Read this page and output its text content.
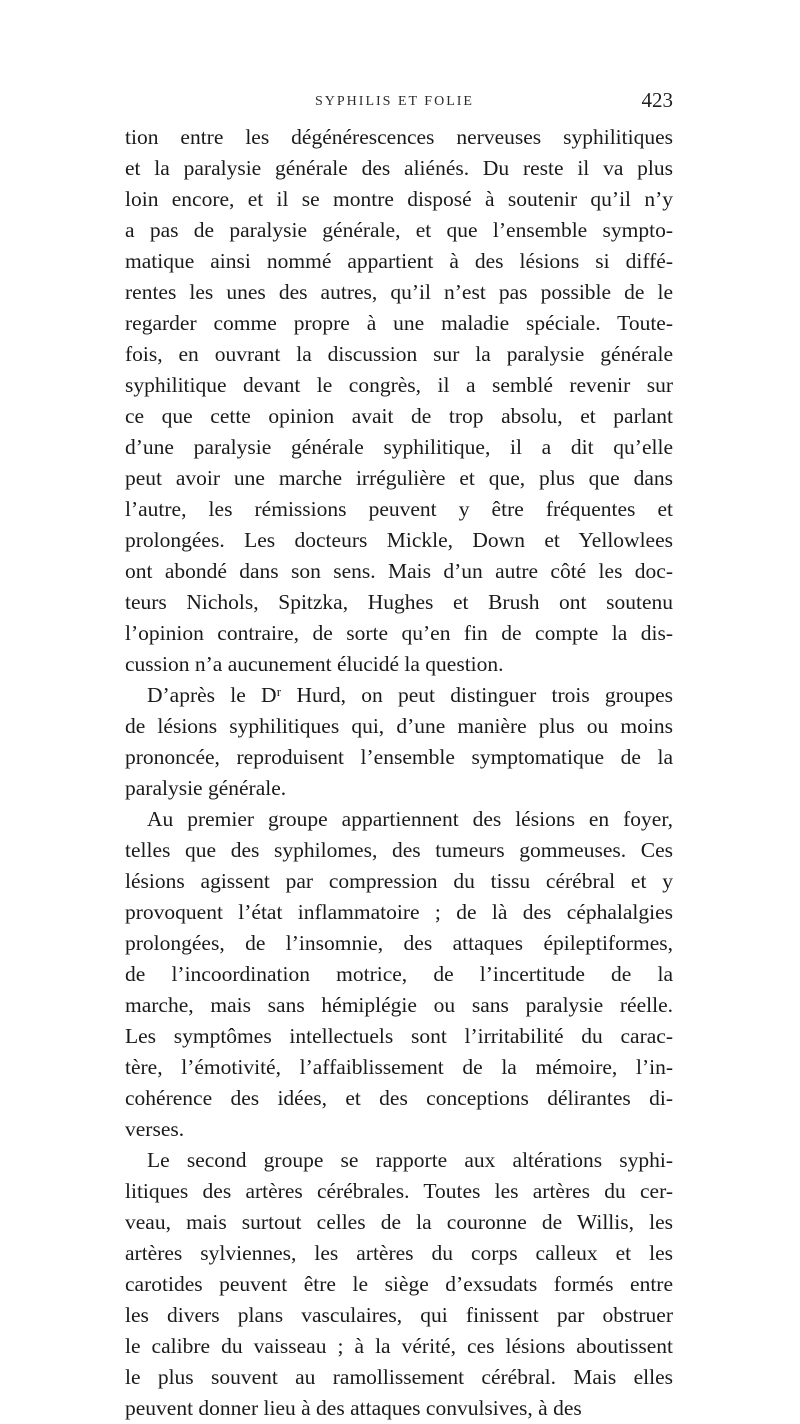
SYPHILIS ET FOLIE	423
tion entre les dégénérescences nerveuses syphilitiques
et la paralysie générale des aliénés. Du reste il va plus
loin encore, et il se montre disposé à soutenir qu’il n’y
a pas de paralysie générale, et que l’ensemble sympto-
matique ainsi nommé appartient à des lésions si diffé-
rentes les unes des autres, qu’il n’est pas possible de le
regarder comme propre à une maladie spéciale. Toute-
fois, en ouvrant la discussion sur la paralysie générale
syphilitique devant le congrès, il a semblé revenir sur
ce que cette opinion avait de trop absolu, et parlant
d’une paralysie générale syphilitique, il a dit qu’elle
peut avoir une marche irrégulière et que, plus que dans
l’autre, les rémissions peuvent y être fréquentes et
prolongées. Les docteurs Mickle, Down et Yellowlees
ont abondé dans son sens. Mais d’un autre côté les doc-
teurs Nichols, Spitzka, Hughes et Brush ont soutenu
l’opinion contraire, de sorte qu’en fin de compte la dis-
cussion n’a aucunement élucidé la question.
D’après le Dʳ Hurd, on peut distinguer trois groupes
de lésions syphilitiques qui, d’une manière plus ou moins
prononcée, reproduisent l’ensemble symptomatique de la
paralysie générale.
Au premier groupe appartiennent des lésions en foyer,
telles que des syphilomes, des tumeurs gommeuses. Ces
lésions agissent par compression du tissu cérébral et y
provoquent l’état inflammatoire ; de là des céphalalgies
prolongées, de l’insomnie, des attaques épileptiformes,
de l’incoordination motrice, de l’incertitude de la
marche, mais sans hémiplégie ou sans paralysie réelle.
Les symptômes intellectuels sont l’irritabilité du carac-
tère, l’émotivité, l’affaiblissement de la mémoire, l’in-
cohérence des idées, et des conceptions délirantes di-
verses.
Le second groupe se rapporte aux altérations syphi-
litiques des artères cérébrales. Toutes les artères du cer-
veau, mais surtout celles de la couronne de Willis, les
artères sylviennes, les artères du corps calleux et les
carotides peuvent être le siège d’exsudats formés entre
les divers plans vasculaires, qui finissent par obstruer
le calibre du vaisseau ; à la vérité, ces lésions aboutissent
le plus souvent au ramollissement cérébral. Mais elles
peuvent donner lieu à des attaques convulsives, à des
